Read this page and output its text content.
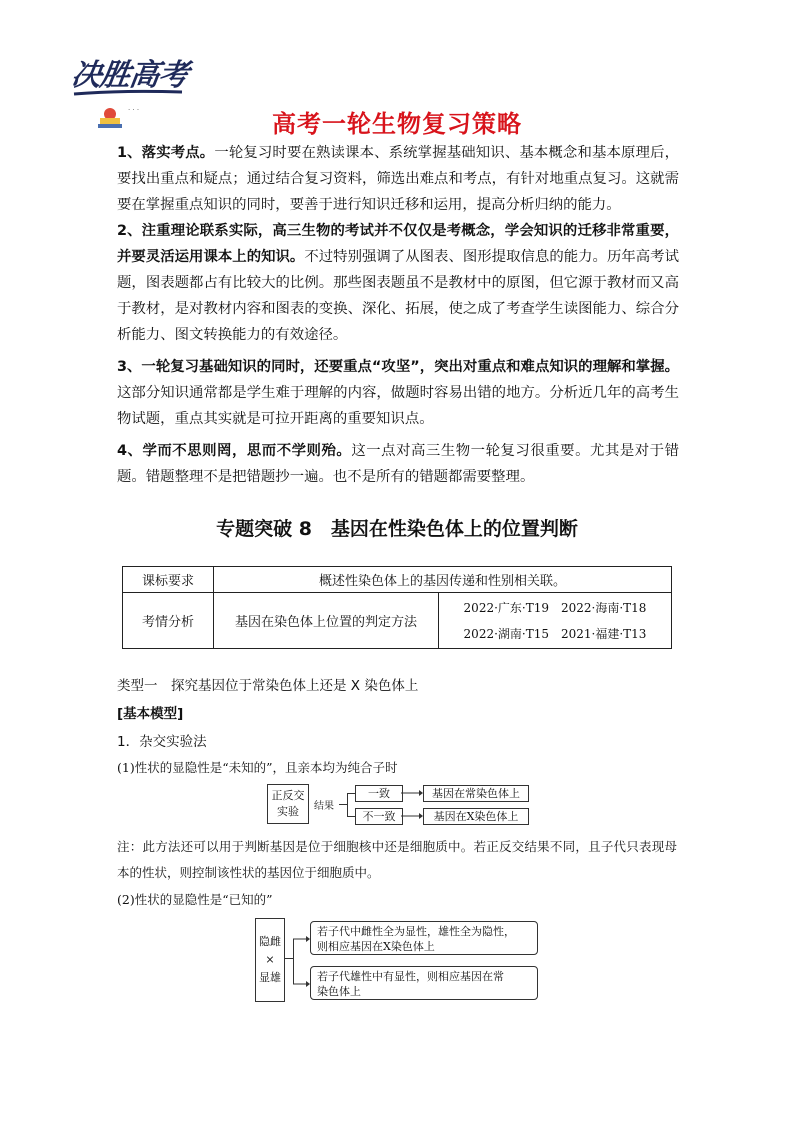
决胜高考
· · ·	高考一轮生物复习策略
1、落实考点。一轮复习时要在熟读课本、系统掌握基础知识、基本概念和基本原理后，要找出重点和疑点；通过结合复习资料，筛选出难点和考点，有针对地重点复习。这就需要在掌握重点知识的同时，要善于进行知识迁移和运用，提高分析归纳的能力。
2、注重理论联系实际，高三生物的考试并不仅仅是考概念，学会知识的迁移非常重要，并要灵活运用课本上的知识。不过特别强调了从图表、图形提取信息的能力。历年高考试题，图表题都占有比较大的比例。那些图表题虽不是教材中的原图，但它源于教材而又高于教材，是对教材内容和图表的变换、深化、拓展，使之成了考查学生读图能力、综合分析能力、图文转换能力的有效途径。
3、一轮复习基础知识的同时，还要重点“攻坚”，突出对重点和难点知识的理解和掌握。这部分知识通常都是学生难于理解的内容，做题时容易出错的地方。分析近几年的高考生物试题，重点其实就是可拉开距离的重要知识点。
4、学而不思则罔，思而不学则殆。这一点对高三生物一轮复习很重要。尤其是对于错题。错题整理不是把错题抄一遍。也不是所有的错题都需要整理。
专题突破 8　基因在性染色体上的位置判断
课标要求	概述性染色体上的基因传递和性别相关联。	
考情分析	基因在染色体上位置的判定方法	2022·广东·T19　2022·海南·T18
2022·湖南·T15　2021·福建·T13
类型一　探究基因位于常染色体上还是 X 染色体上
[基本模型]
1．杂交实验法
(1)性状的显隐性是“未知的”，且亲本均为纯合子时
正反交
实验	结果
一致
不一致
基因在常染色体上
基因在X染色体上
注：此方法还可以用于判断基因是位于细胞核中还是细胞质中。若正反交结果不同，且子代只表现母本的性状，则控制该性状的基因位于细胞质中。
(2)性状的显隐性是“已知的”
隐雌
×
显雄
若子代中雌性全为显性，雄性全为隐性，
则相应基因在X染色体上
若子代雄性中有显性，则相应基因在常
染色体上
